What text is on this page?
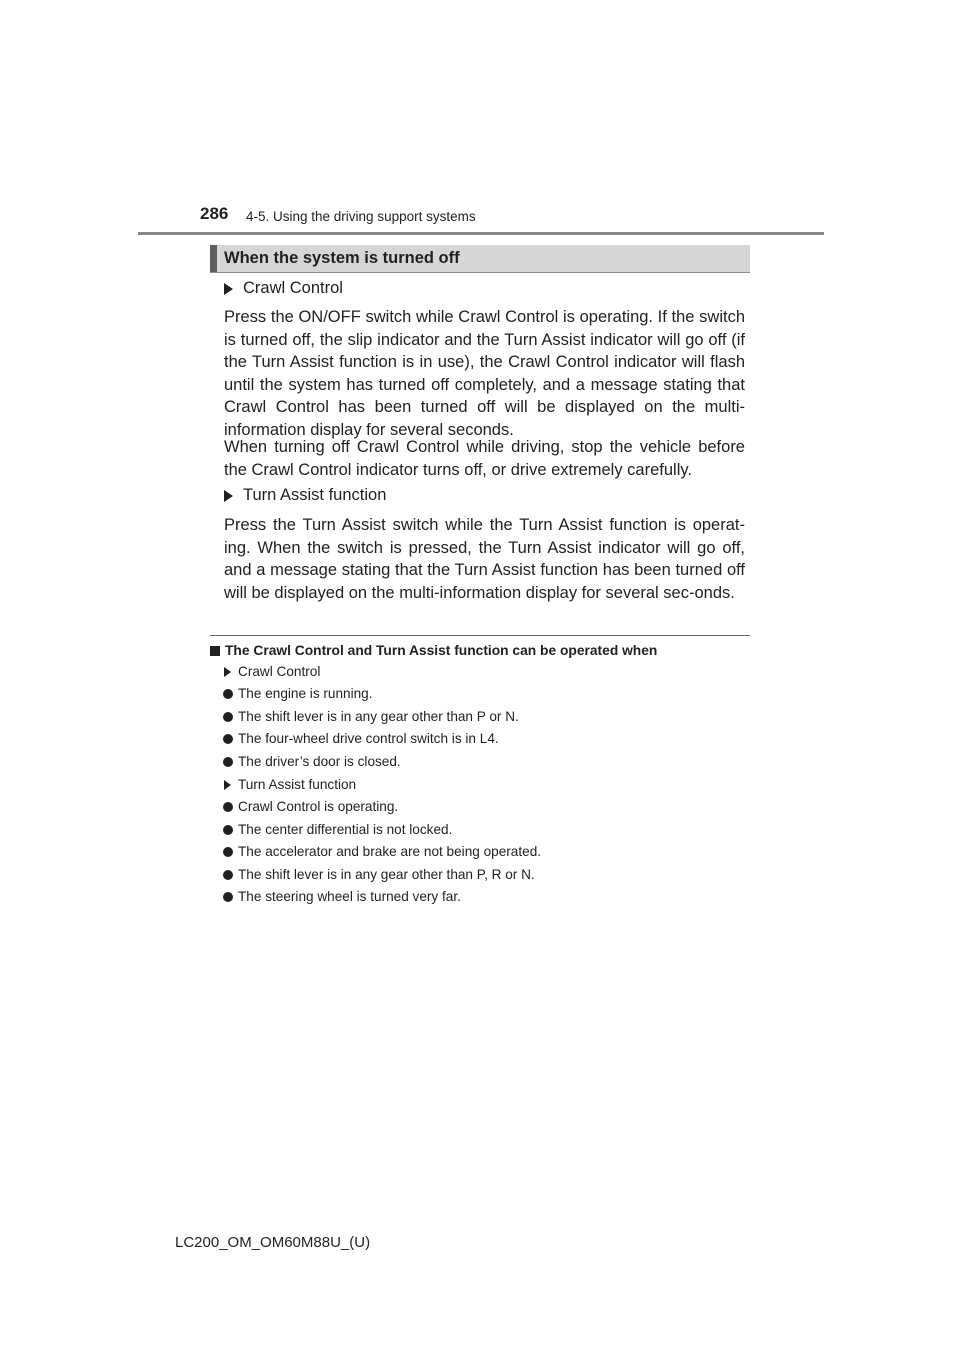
286 4-5. Using the driving support systems
When the system is turned off
Crawl Control

Press the ON/OFF switch while Crawl Control is operating. If the switch is turned off, the slip indicator and the Turn Assist indicator will go off (if the Turn Assist function is in use), the Crawl Control indicator will flash until the system has turned off completely, and a message stating that Crawl Control has been turned off will be displayed on the multi-information display for several seconds.

When turning off Crawl Control while driving, stop the vehicle before the Crawl Control indicator turns off, or drive extremely carefully.

Turn Assist function

Press the Turn Assist switch while the Turn Assist function is operat-ing. When the switch is pressed, the Turn Assist indicator will go off, and a message stating that the Turn Assist function has been turned off will be displayed on the multi-information display for several sec-onds.

The Crawl Control and Turn Assist function can be operated when
Crawl Control
The engine is running.
The shift lever is in any gear other than P or N.
The four-wheel drive control switch is in L4.
The driver’s door is closed.
Turn Assist function
Crawl Control is operating.
The center differential is not locked.
The accelerator and brake are not being operated.
The shift lever is in any gear other than P, R or N.
The steering wheel is turned very far.
LC200_OM_OM60M88U_(U)
